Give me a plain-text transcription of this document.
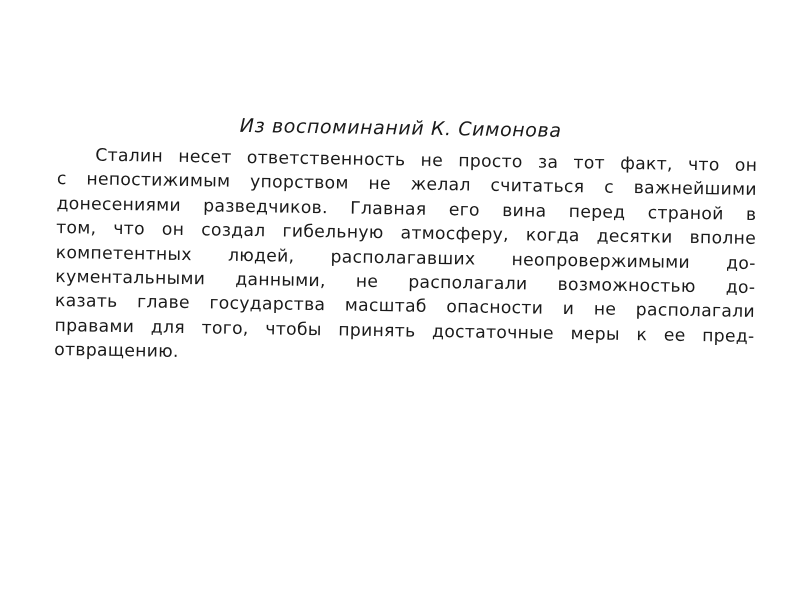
Из воспоминаний К. Симонова
Сталин несет ответственность не просто за тот факт, что он
с непостижимым упорством не желал считаться с важнейшими
донесениями разведчиков. Главная его вина перед страной в
том, что он создал гибельную атмосферу, когда десятки вполне
компетентных людей, располагавших неопровержимыми до-
кументальными данными, не располагали возможностью до-
казать главе государства масштаб опасности и не располагали
правами для того, чтобы принять достаточные меры к ее пред-
отвращению.
